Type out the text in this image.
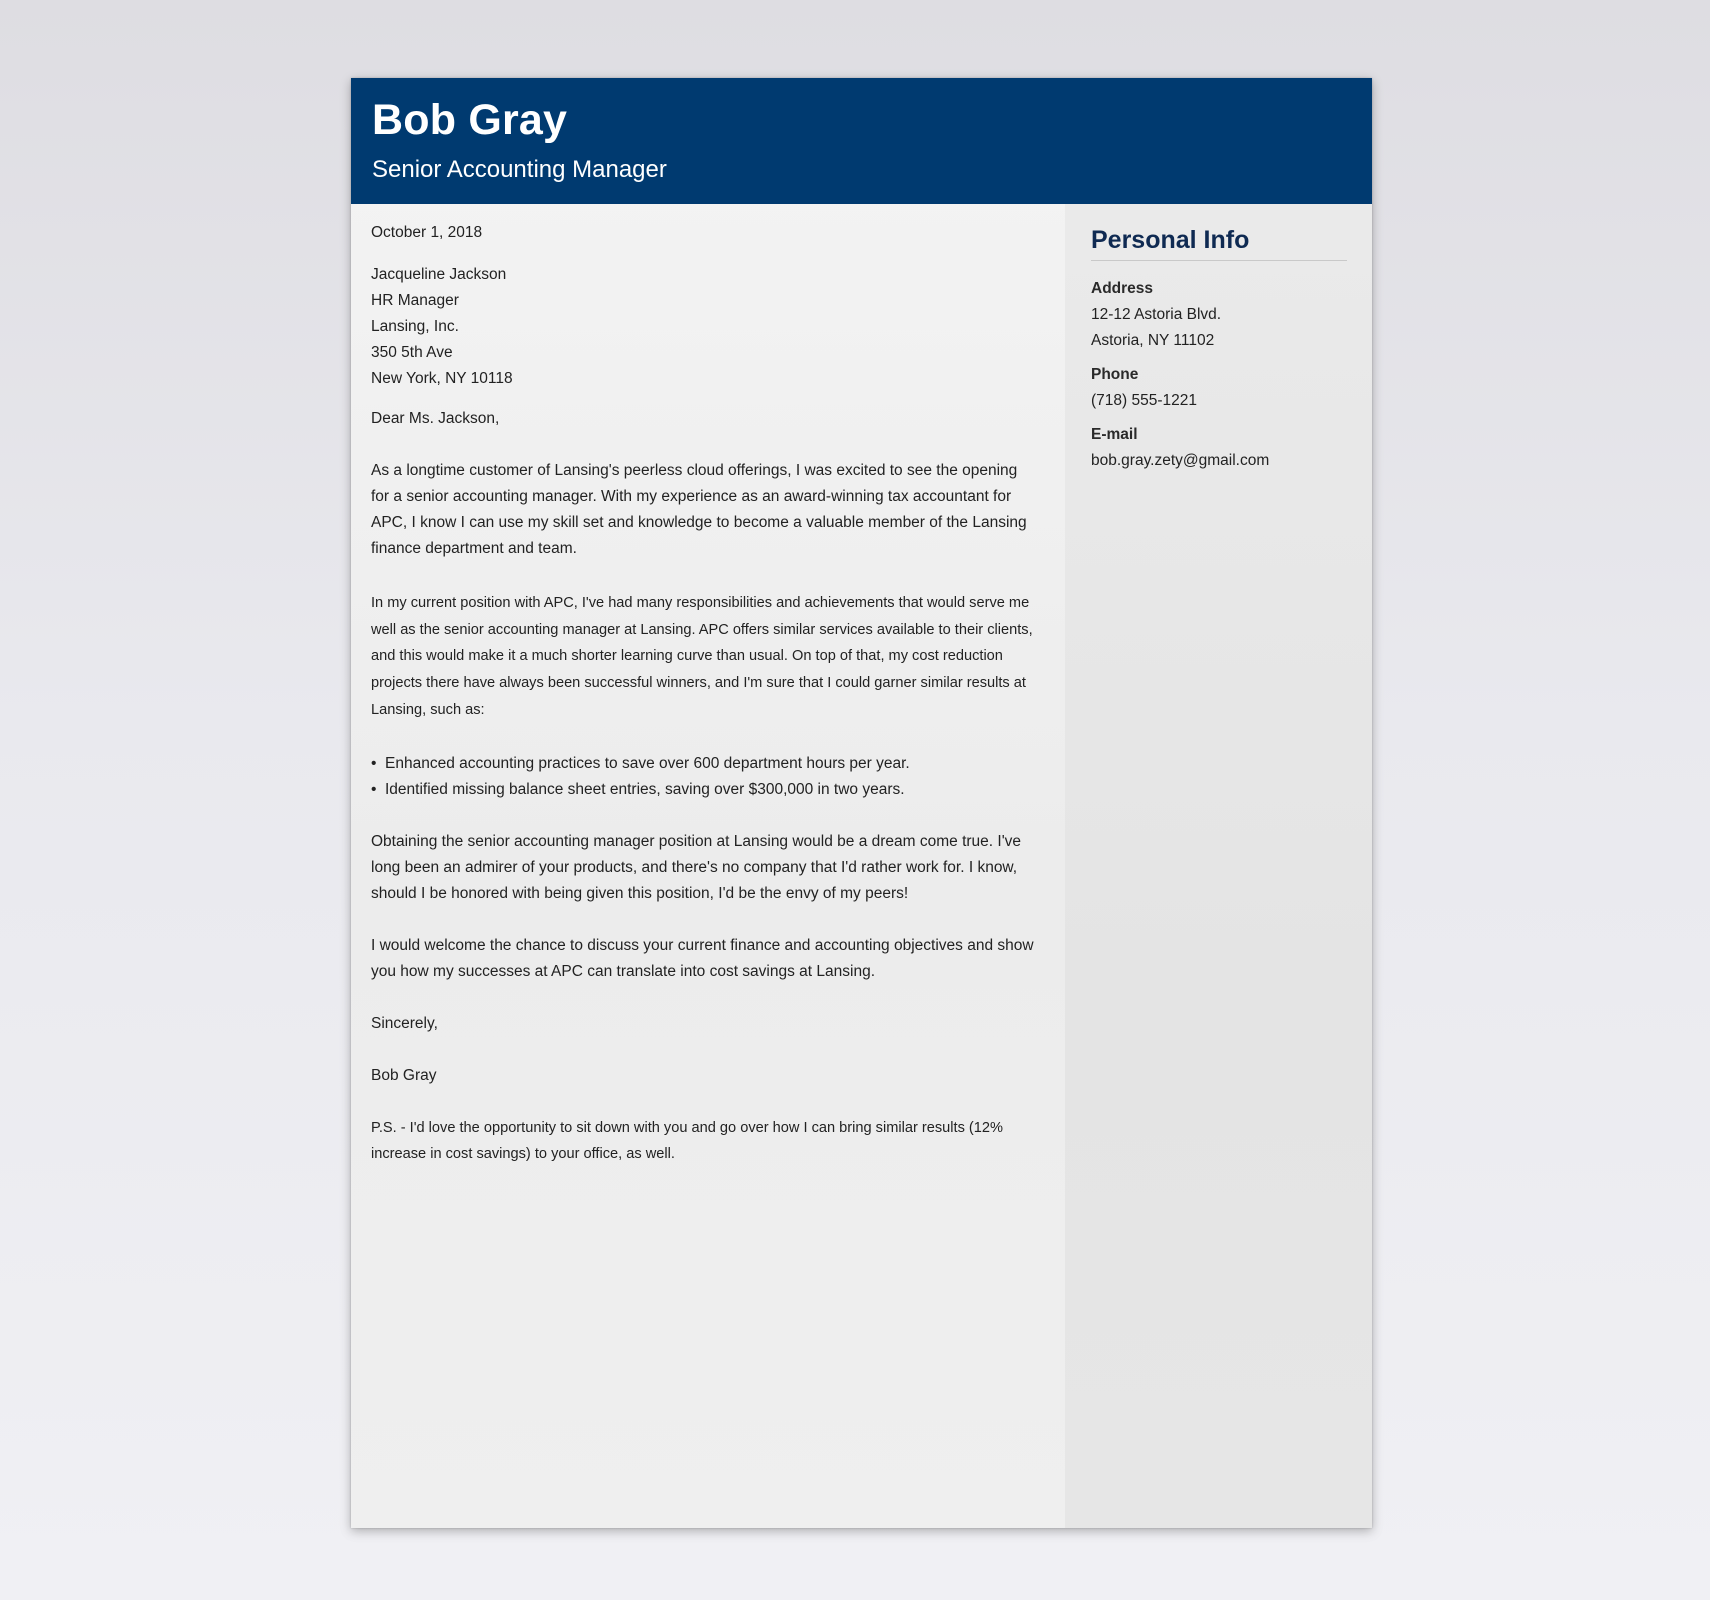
Bob Gray
Senior Accounting Manager
October 1, 2018
Jacqueline Jackson
HR Manager
Lansing, Inc.
350 5th Ave
New York, NY 10118
Dear Ms. Jackson,
As a longtime customer of Lansing's peerless cloud offerings, I was excited to see the opening
for a senior accounting manager. With my experience as an award-winning tax accountant for
APC, I know I can use my skill set and knowledge to become a valuable member of the Lansing
finance department and team.
In my current position with APC, I've had many responsibilities and achievements that would serve me
well as the senior accounting manager at Lansing. APC offers similar services available to their clients,
and this would make it a much shorter learning curve than usual. On top of that, my cost reduction
projects there have always been successful winners, and I'm sure that I could garner similar results at
Lansing, such as:
• Enhanced accounting practices to save over 600 department hours per year.
• Identified missing balance sheet entries, saving over $300,000 in two years.
Obtaining the senior accounting manager position at Lansing would be a dream come true. I've
long been an admirer of your products, and there's no company that I'd rather work for. I know,
should I be honored with being given this position, I'd be the envy of my peers!
I would welcome the chance to discuss your current finance and accounting objectives and show
you how my successes at APC can translate into cost savings at Lansing.
Sincerely,
Bob Gray
P.S. - I'd love the opportunity to sit down with you and go over how I can bring similar results (12%
increase in cost savings) to your office, as well.
Personal Info
Address
12-12 Astoria Blvd.
Astoria, NY 11102
Phone
(718) 555-1221
E-mail
bob.gray.zety@gmail.com
